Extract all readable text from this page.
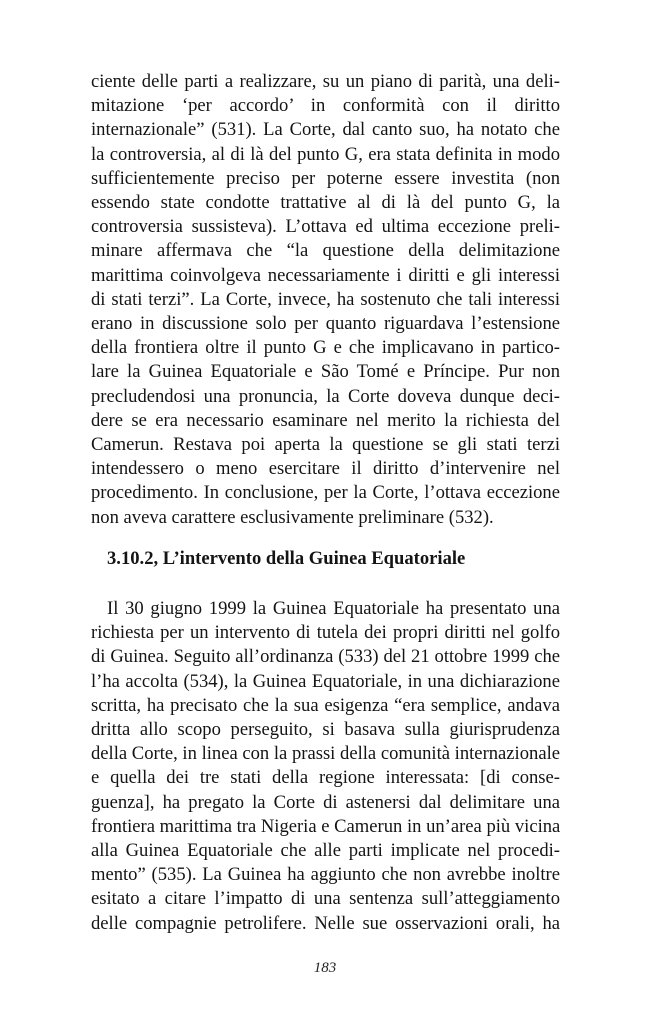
ciente delle parti a realizzare, su un piano di parità, una deli-
mitazione ‘per accordo’ in conformità con il diritto
internazionale” (531). La Corte, dal canto suo, ha notato che
la controversia, al di là del punto G, era stata definita in modo
sufficientemente preciso per poterne essere investita (non
essendo state condotte trattative al di là del punto G, la
controversia sussisteva). L’ottava ed ultima eccezione preli-
minare affermava che “la questione della delimitazione
marittima coinvolgeva necessariamente i diritti e gli interessi
di stati terzi”. La Corte, invece, ha sostenuto che tali interessi
erano in discussione solo per quanto riguardava l’estensione
della frontiera oltre il punto G e che implicavano in partico-
lare la Guinea Equatoriale e São Tomé e Príncipe. Pur non
precludendosi una pronuncia, la Corte doveva dunque deci-
dere se era necessario esaminare nel merito la richiesta del
Camerun. Restava poi aperta la questione se gli stati terzi
intendessero o meno esercitare il diritto d’intervenire nel
procedimento. In conclusione, per la Corte, l’ottava eccezione
non aveva carattere esclusivamente preliminare (532).
3.10.2, L’intervento della Guinea Equatoriale
Il 30 giugno 1999 la Guinea Equatoriale ha presentato una
richiesta per un intervento di tutela dei propri diritti nel golfo
di Guinea. Seguito all’ordinanza (533) del 21 ottobre 1999 che
l’ha accolta (534), la Guinea Equatoriale, in una dichiarazione
scritta, ha precisato che la sua esigenza “era semplice, andava
dritta allo scopo perseguito, si basava sulla giurisprudenza
della Corte, in linea con la prassi della comunità internazionale
e quella dei tre stati della regione interessata: [di conse-
guenza], ha pregato la Corte di astenersi dal delimitare una
frontiera marittima tra Nigeria e Camerun in un’area più vicina
alla Guinea Equatoriale che alle parti implicate nel procedi-
mento” (535). La Guinea ha aggiunto che non avrebbe inoltre
esitato a citare l’impatto di una sentenza sull’atteggiamento
delle compagnie petrolifere. Nelle sue osservazioni orali, ha
183
